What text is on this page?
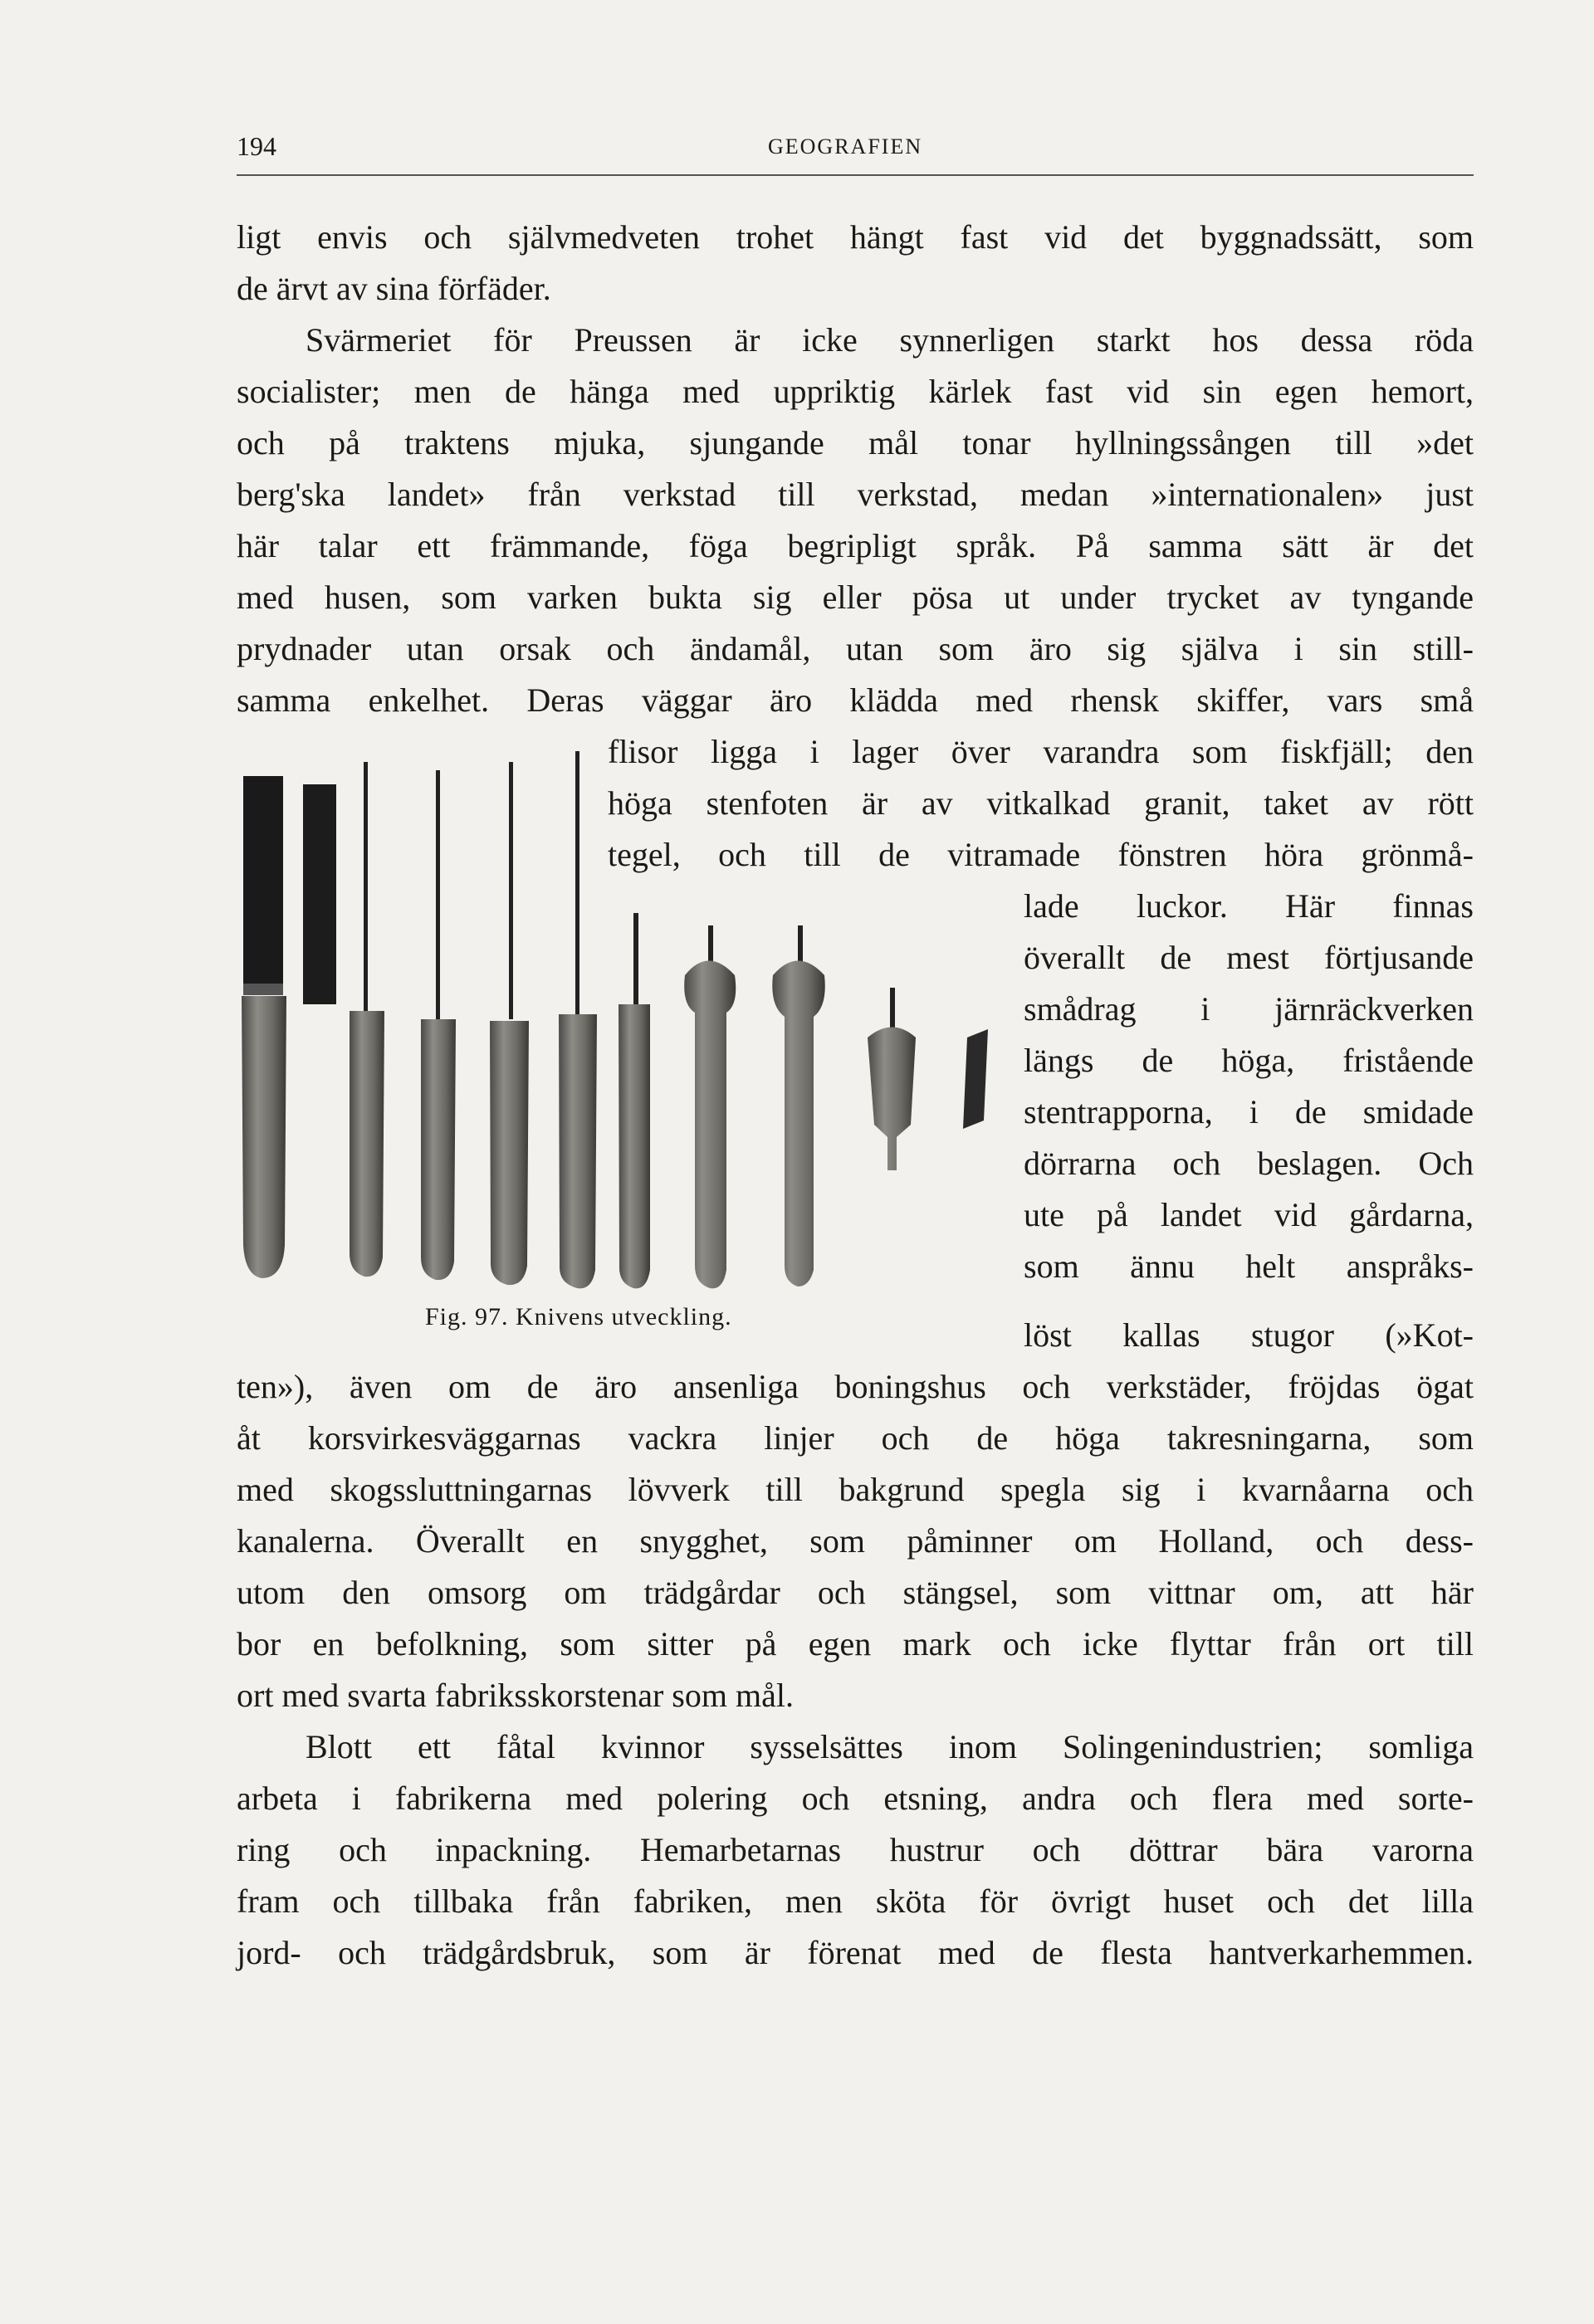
194	GEOGRAFIEN
ligt envis och självmedveten trohet hängt fast vid det byggnadssätt, som
de ärvt av sina förfäder.
Svärmeriet för Preussen är icke synnerligen starkt hos dessa röda
socialister; men de hänga med uppriktig kärlek fast vid sin egen hemort,
och på traktens mjuka, sjungande mål tonar hyllningssången till »det
berg'ska landet» från verkstad till verkstad, medan »internationalen» just
här talar ett främmande, föga begripligt språk. På samma sätt är det
med husen, som varken bukta sig eller pösa ut under trycket av tyngande
prydnader utan orsak och ändamål, utan som äro sig själva i sin still-
samma enkelhet. Deras väggar äro klädda med rhensk skiffer, vars små
flisor ligga i lager över varandra som fiskfjäll; den
höga stenfoten är av vitkalkad granit, taket av rött
tegel, och till de vitramade fönstren höra grönmå-
lade luckor. Här finnas
överallt de mest förtjusande
smådrag i järnräckverken
längs de höga, fristående
stentrapporna, i de smidade
dörrarna och beslagen. Och
ute på landet vid gårdarna,
som ännu helt anspråks-
löst kallas stugor (»Kot-
ten»), även om de äro ansenliga boningshus och verkstäder, fröjdas ögat
åt korsvirkesväggarnas vackra linjer och de höga takresningarna, som
med skogssluttningarnas lövverk till bakgrund spegla sig i kvarnåarna och
kanalerna. Överallt en snygghet, som påminner om Holland, och dess-
utom den omsorg om trädgårdar och stängsel, som vittnar om, att här
bor en befolkning, som sitter på egen mark och icke flyttar från ort till
ort med svarta fabriksskorstenar som mål.
Blott ett fåtal kvinnor sysselsättes inom Solingenindustrien; somliga
arbeta i fabrikerna med polering och etsning, andra och flera med sorte-
ring och inpackning. Hemarbetarnas hustrur och döttrar bära varorna
fram och tillbaka från fabriken, men sköta för övrigt huset och det lilla
jord- och trädgårdsbruk, som är förenat med de flesta hantverkarhemmen.
Fig. 97. Knivens utveckling.
